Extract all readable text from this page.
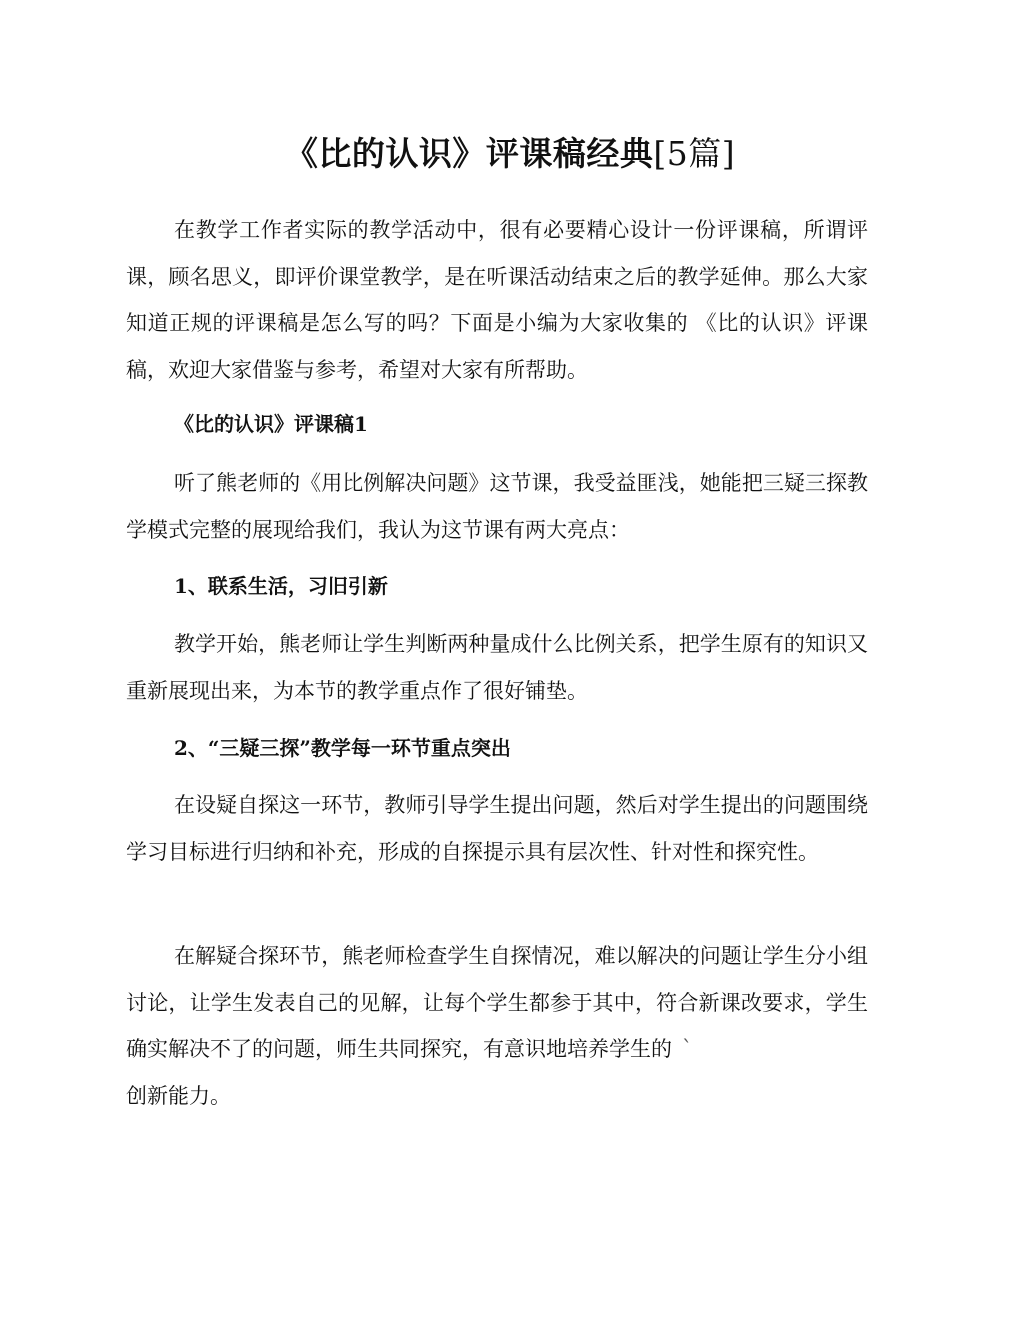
《比的认识》评课稿经典[5篇]

在教学工作者实际的教学活动中，很有必要精心设计一份评课稿，所谓评课，顾名思义，即评价课堂教学，是在听课活动结束之后的教学延伸。那么大家知道正规的评课稿是怎么写的吗？下面是小编为大家收集的 《比的认识》评课稿，欢迎大家借鉴与参考，希望对大家有所帮助。

《比的认识》评课稿1

听了熊老师的《用比例解决问题》这节课，我受益匪浅，她能把三疑三探教学模式完整的展现给我们，我认为这节课有两大亮点：

1、联系生活，习旧引新

教学开始，熊老师让学生判断两种量成什么比例关系，把学生原有的知识又重新展现出来，为本节的教学重点作了很好铺垫。

2、“三疑三探”教学每一环节重点突出

在设疑自探这一环节，教师引导学生提出问题，然后对学生提出的问题围绕学习目标进行归纳和补充，形成的自探提示具有层次性、针对性和探究性。

在解疑合探环节，熊老师检查学生自探情况，难以解决的问题让学生分小组讨论，让学生发表自己的见解，让每个学生都参于其中，符合新课改要求，学生确实解决不了的问题，师生共同探究，有意识地培养学生的 `
创新能力。
